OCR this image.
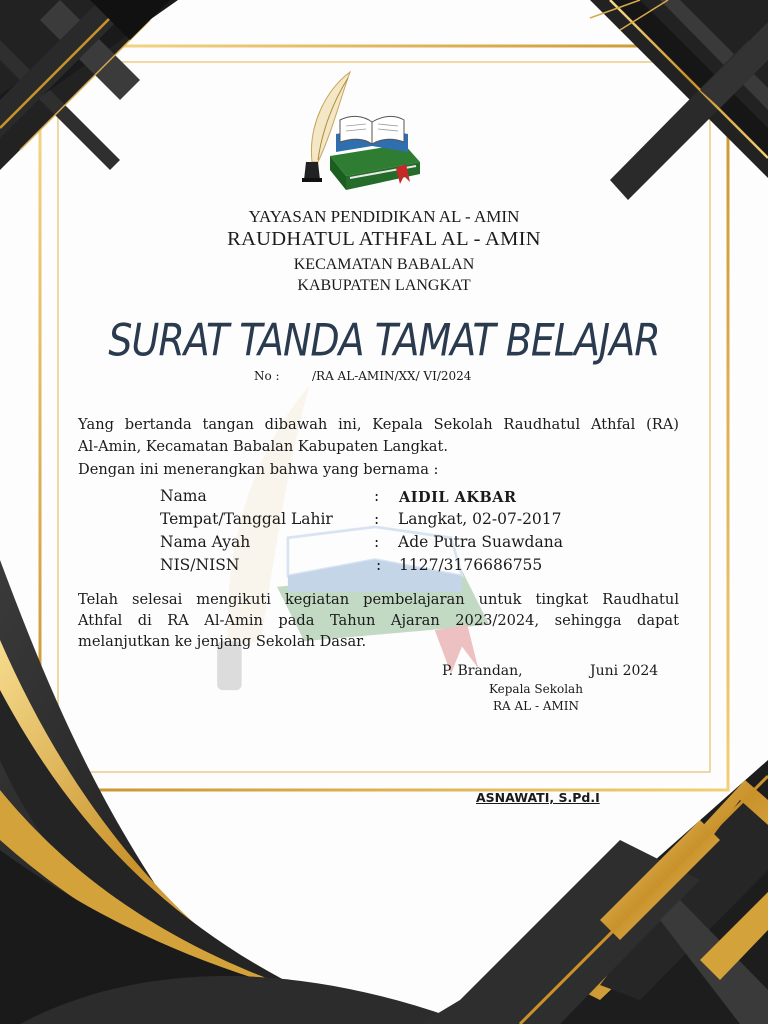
YAYASAN PENDIDIKAN AL - AMIN
RAUDHATUL ATHFAL AL - AMIN
KECAMATAN BABALAN
KABUPATEN LANGKAT
SURAT TANDA TAMAT BELAJAR
No :	/RA AL-AMIN/XX/ VI/2024
Yang bertanda tangan dibawah ini, Kepala Sekolah Raudhatul Athfal (RA)
Al-Amin, Kecamatan Babalan Kabupaten Langkat.
Dengan ini menerangkan bahwa yang bernama :
Nama	: AIDIL AKBAR
Tempat/Tanggal Lahir	: Langkat, 02-07-2017
Nama Ayah	: Ade Putra Suawdana
NIS/NISN	: 1127/3176686755
Telah selesai mengikuti kegiatan pembelajaran untuk tingkat Raudhatul
Athfal di RA Al-Amin pada Tahun Ajaran 2023/2024, sehingga dapat
melanjutkan ke jenjang Sekolah Dasar.
P. Brandan,	Juni 2024
Kepala Sekolah
RA AL - AMIN
ASNAWATI, S.Pd.I
